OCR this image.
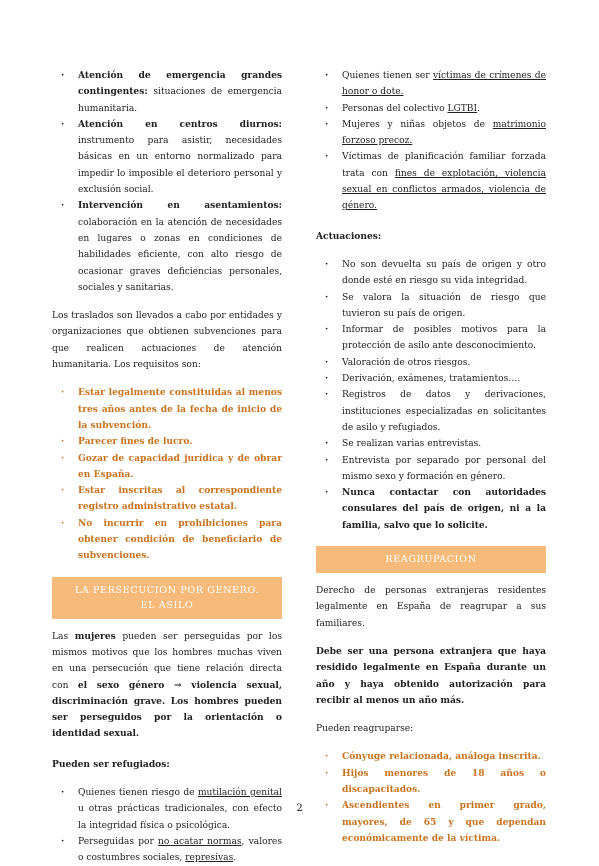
· Atención de emergencia grandes contingentes: situaciones de emergencia humanitaria.
· Atención en centros diurnos: instrumento para asistir, necesidades básicas en un entorno normalizado para impedir lo imposible el deterioro personal y exclusión social.
· Intervención en asentamientos: colaboración en la atención de necesidades en lugares o zonas en condiciones de habilidades eficiente, con alto riesgo de ocasionar graves deficiencias personales, sociales y sanitarias.

Los traslados son llevados a cabo por entidades y organizaciones que obtienen subvenciones para que realicen actuaciones de atención humanitaria. Los requisitos son:

· Estar legalmente constituidas al menos tres años antes de la fecha de inicio de la subvención.
· Parecer fines de lucro.
· Gozar de capacidad jurídica y de obrar en España.
· Estar inscritas al correspondiente registro administrativo estatal.
· No incurrir en prohibiciones para obtener condición de beneficiario de subvenciones.
LA PERSECUCION POR GENERO. EL ASILO

Las mujeres pueden ser perseguidas por los mismos motivos que los hombres muchas viven en una persecución que tiene relación directa con el sexo género → violencia sexual, discriminación grave. Los hombres pueden ser perseguidos por la orientación o identidad sexual.

Pueden ser refugiados:

· Quienes tienen riesgo de mutilación genital u otras prácticas tradicionales, con efecto la integridad física o psicológica.
· Perseguidas por no acatar normas, valores o costumbres sociales, represivas.
· Quienes tienen ser víctimas de crímenes de honor o dote.
· Personas del colectivo LGTBI.
· Mujeres y niñas objetos de matrimonio forzoso precoz.
· Víctimas de planificación familiar forzada trata con fines de explotación, violencia sexual en conflictos armados, violencia de género.

Actuaciones:

· No son devuelta su país de origen y otro donde esté en riesgo su vida integridad.
· Se valora la situación de riesgo que tuvieron su país de origen.
· Informar de posibles motivos para la protección de asilo ante desconocimiento.
· Valoración de otros riesgos.
· Derivación, exámenes, tratamientos….
· Registros de datos y derivaciones, instituciones especializadas en solicitantes de asilo y refugiados.
· Se realizan varias entrevistas.
· Entrevista por separado por personal del mismo sexo y formación en género.
· Nunca contactar con autoridades consulares del país de origen, ni a la familia, salvo que lo solicite.
REAGRUPACION

Derecho de personas extranjeras residentes legalmente en España de reagrupar a sus familiares.

Debe ser una persona extranjera que haya residido legalmente en España durante un año y haya obtenido autorización para recibir al menos un año más.

Pueden reagruparse:

· Cónyuge relacionada, análoga inscrita.
· Hijos menores de 18 años o discapacitados.
· Ascendientes en primer grado, mayores, de 65 y que dependan económicamente de la víctima.
2
